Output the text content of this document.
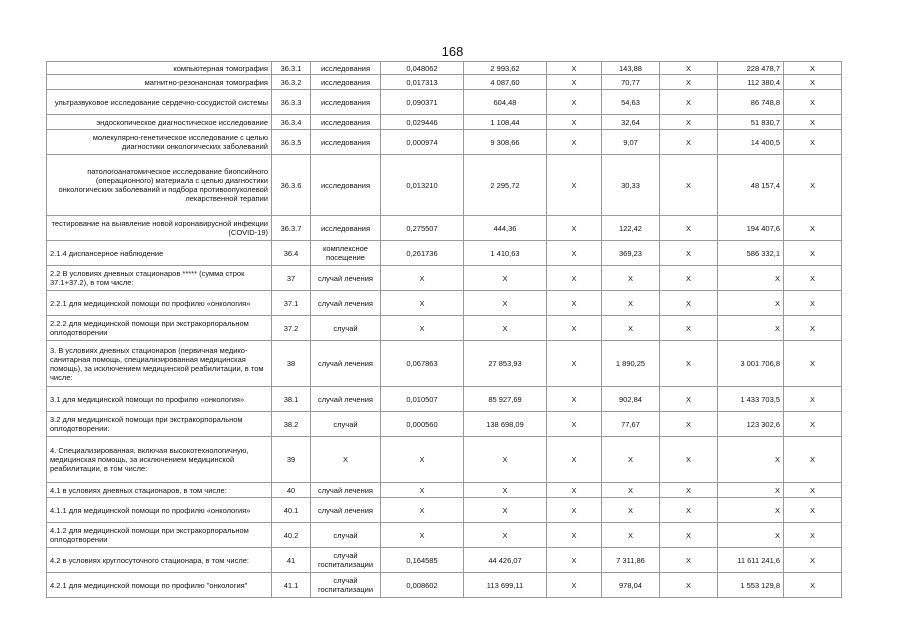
168
компьютерная томография	36.3.1	исследования	0,048062	2 993,62	X	143,88	X	228 478,7	X
магнитно-резонансная томография	36.3.2	исследования	0,017313	4 087,60	X	70,77	X	112 380,4	X
ультразвуковое исследование сердечно-сосудистой системы	36.3.3	исследования	0,090371	604,48	X	54,63	X	86 748,8	X
эндоскопическое диагностическое исследование	36.3.4	исследования	0,029446	1 108,44	X	32,64	X	51 830,7	X
молекулярно-генетическое исследование с целью диагностики онкологических заболеваний	36.3.5	исследования	0,000974	9 308,66	X	9,07	X	14 400,5	X
патологоанатомическое исследование биопсийного (операционного) материала с целью диагностики онкологических заболеваний и подбора противоопухолевой лекарственной терапии	36.3.6	исследования	0,013210	2 295,72	X	30,33	X	48 157,4	X
тестирование на выявление новой коронавирусной инфекции (COVID-19)	36.3.7	исследования	0,275507	444,36	X	122,42	X	194 407,6	X
2.1.4 диспансерное наблюдение	36.4	комплексное посещение	0,261736	1 410,63	X	369,23	X	586 332,1	X
2.2 В условиях дневных стационаров ***** (сумма строк 37.1+37.2), в том числе:	37	случай лечения	X	X	X	X	X	X	X
2.2.1 для медицинской помощи по профилю «онкология»	37.1	случай лечения	X	X	X	X	X	X	X
2.2.2 для медицинской помощи при экстракорпоральном оплодотворении	37.2	случай	X	X	X	X	X	X	X
3. В условиях дневных стационаров (первичная медико-санитарная помощь, специализированная медицинская помощь), за исключением медицинской реабилитации, в том числе:	38	случай лечения	0,067863	27 853,93	X	1 890,25	X	3 001 706,8	X
3.1 для медицинской помощи по профилю «онкология»	38.1	случай лечения	0,010507	85 927,69	X	902,84	X	1 433 703,5	X
3.2 для медицинской помощи при экстракорпоральном оплодотворении:	38.2	случай	0,000560	138 698,09	X	77,67	X	123 302,6	X
4. Специализированная, включая высокотехнологичную, медицинская помощь, за исключением медицинской реабилитации, в том числе:	39	X	X	X	X	X	X	X	X
4.1 в условиях дневных стационаров, в том числе:	40	случай лечения	X	X	X	X	X	X	X
4.1.1 для медицинской помощи по профилю «онкология»	40.1	случай лечения	X	X	X	X	X	X	X
4.1.2 для медицинской помощи при экстракорпоральном оплодотворении	40.2	случай	X	X	X	X	X	X	X
4.2 в условиях круглосуточного стационара, в том числе:	41	случай госпитализации	0,164585	44 426,07	X	7 311,86	X	11 611 241,6	X
4.2.1 для медицинской помощи по профилю "онкология"	41.1	случай госпитализации	0,008602	113 699,11	X	978,04	X	1 553 129,8	X
